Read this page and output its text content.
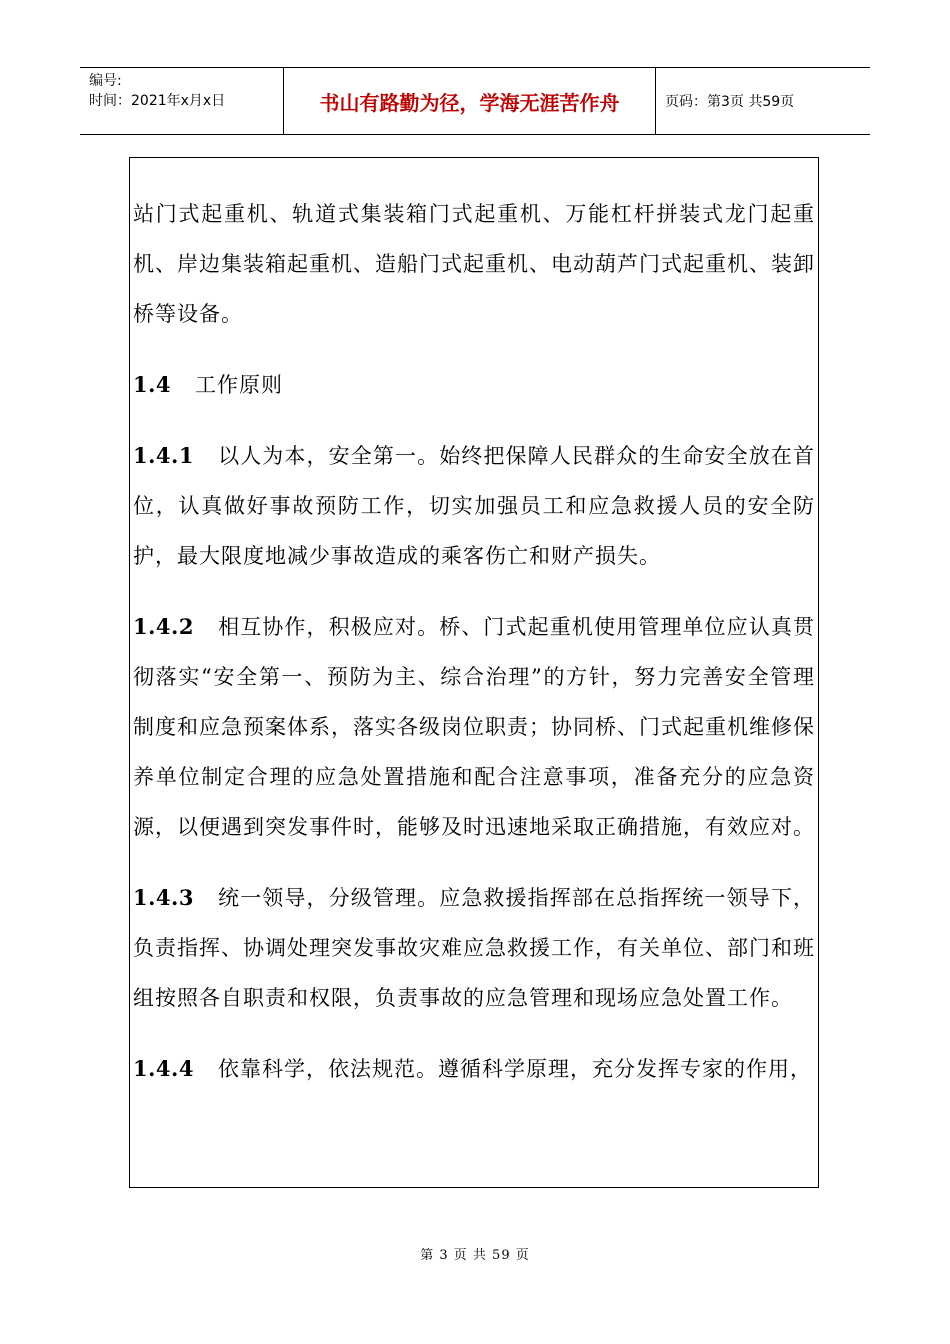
编号:
时间：2021年x月x日	书山有路勤为径，学海无涯苦作舟	页码：第3页 共59页

站门式起重机、轨道式集装箱门式起重机、万能杠杆拼装式龙门起重机、岸边集装箱起重机、造船门式起重机、电动葫芦门式起重机、装卸桥等设备。

1.4 工作原则

1.4.1 以人为本，安全第一。始终把保障人民群众的生命安全放在首位，认真做好事故预防工作，切实加强员工和应急救援人员的安全防护，最大限度地减少事故造成的乘客伤亡和财产损失。

1.4.2 相互协作，积极应对。桥、门式起重机使用管理单位应认真贯彻落实“安全第一、预防为主、综合治理”的方针，努力完善安全管理制度和应急预案体系，落实各级岗位职责；协同桥、门式起重机维修保养单位制定合理的应急处置措施和配合注意事项，准备充分的应急资源，以便遇到突发事件时，能够及时迅速地采取正确措施，有效应对。

1.4.3 统一领导，分级管理。应急救援指挥部在总指挥统一领导下，负责指挥、协调处理突发事故灾难应急救援工作，有关单位、部门和班组按照各自职责和权限，负责事故的应急管理和现场应急处置工作。

1.4.4 依靠科学，依法规范。遵循科学原理，充分发挥专家的作用，

第 3 页 共 59 页
